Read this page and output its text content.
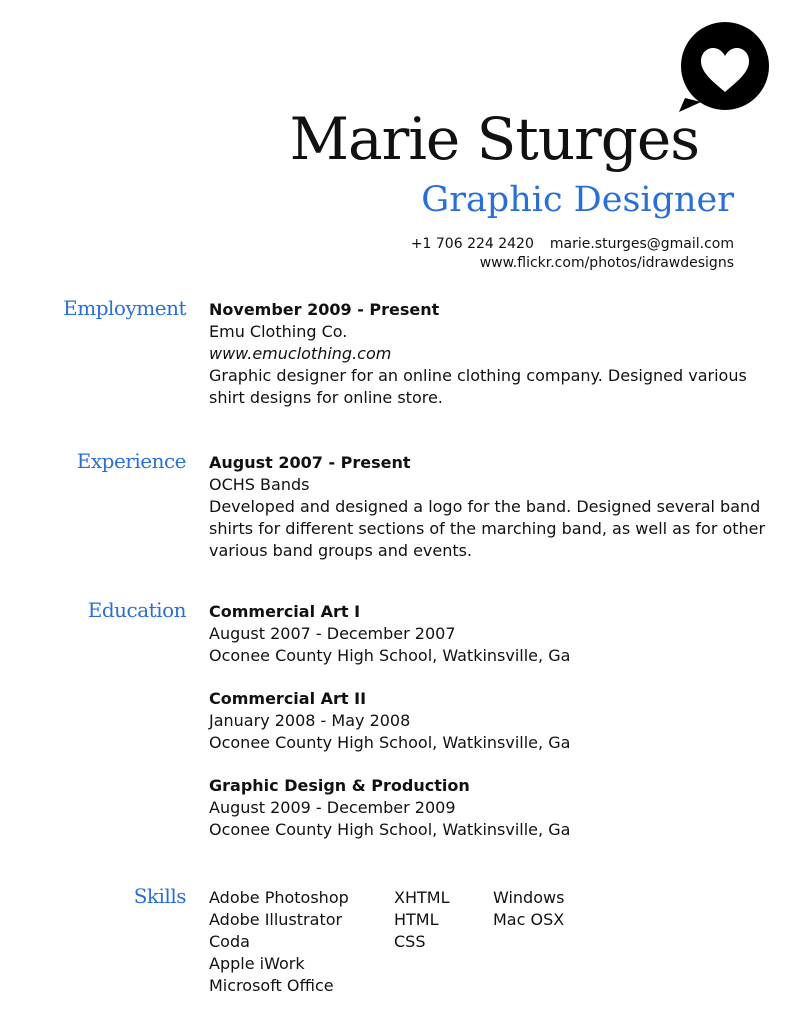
Marie Sturges
Graphic Designer
+1 706 224 2420 marie.sturges@gmail.com
www.flickr.com/photos/idrawdesigns
Employment November 2009 - Present
Emu Clothing Co.
www.emuclothing.com
Graphic designer for an online clothing company. Designed various
shirt designs for online store.
Experience August 2007 - Present
OCHS Bands
Developed and designed a logo for the band. Designed several band
shirts for different sections of the marching band, as well as for other
various band groups and events.
Education Commercial Art I
August 2007 - December 2007
Oconee County High School, Watkinsville, Ga
Commercial Art II
January 2008 - May 2008
Oconee County High School, Watkinsville, Ga
Graphic Design & Production
August 2009 - December 2009
Oconee County High School, Watkinsville, Ga
Skills Adobe Photoshop
Adobe Illustrator
Coda
Apple iWork
Microsoft Office
XHTML
HTML
CSS
Windows
Mac OSX
